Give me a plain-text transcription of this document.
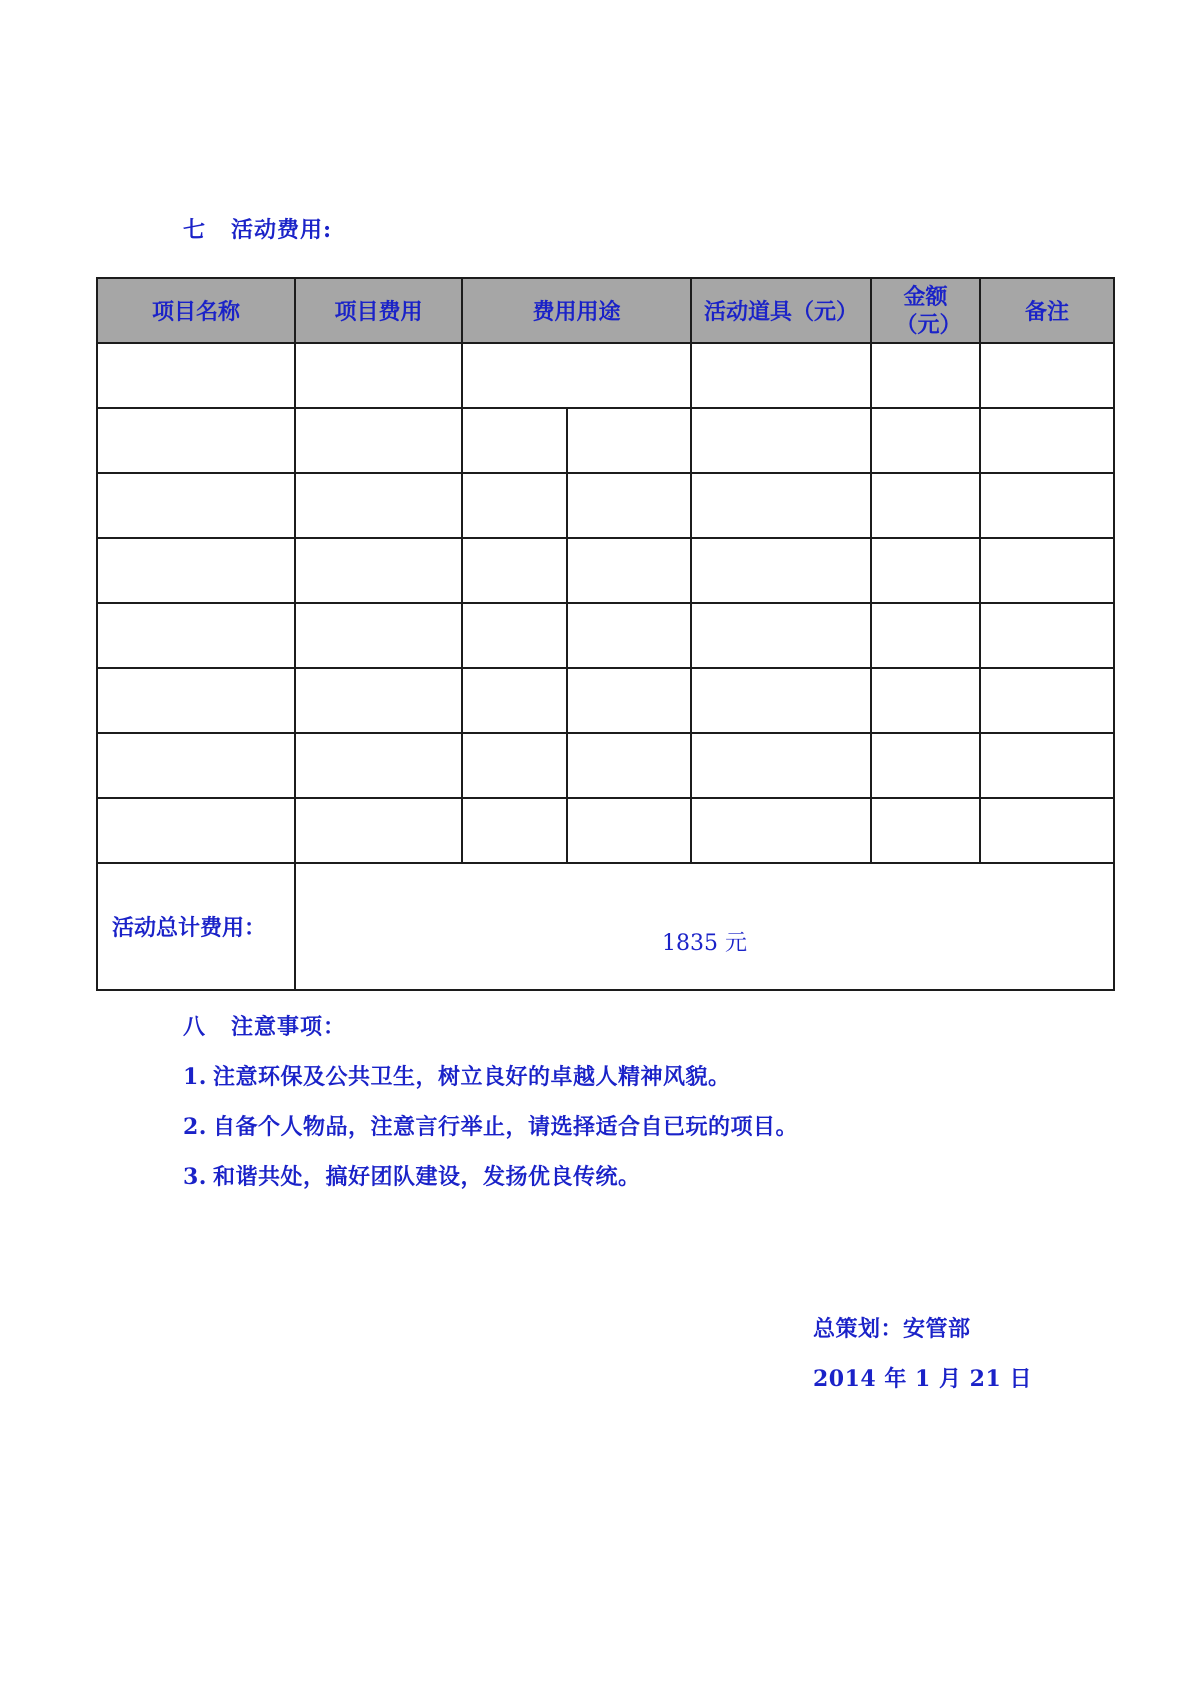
七 活动费用:
项目名称	项目费用	费用用途		活动道具（元）	金额（元）	备注

活动总计费用：	1835 元					
八 注意事项：
1. 注意环保及公共卫生，树立良好的卓越人精神风貌。
2. 自备个人物品，注意言行举止，请选择适合自已玩的项目。
3. 和谐共处，搞好团队建设，发扬优良传统。
总策划：安管部
2014 年 1 月 21 日
